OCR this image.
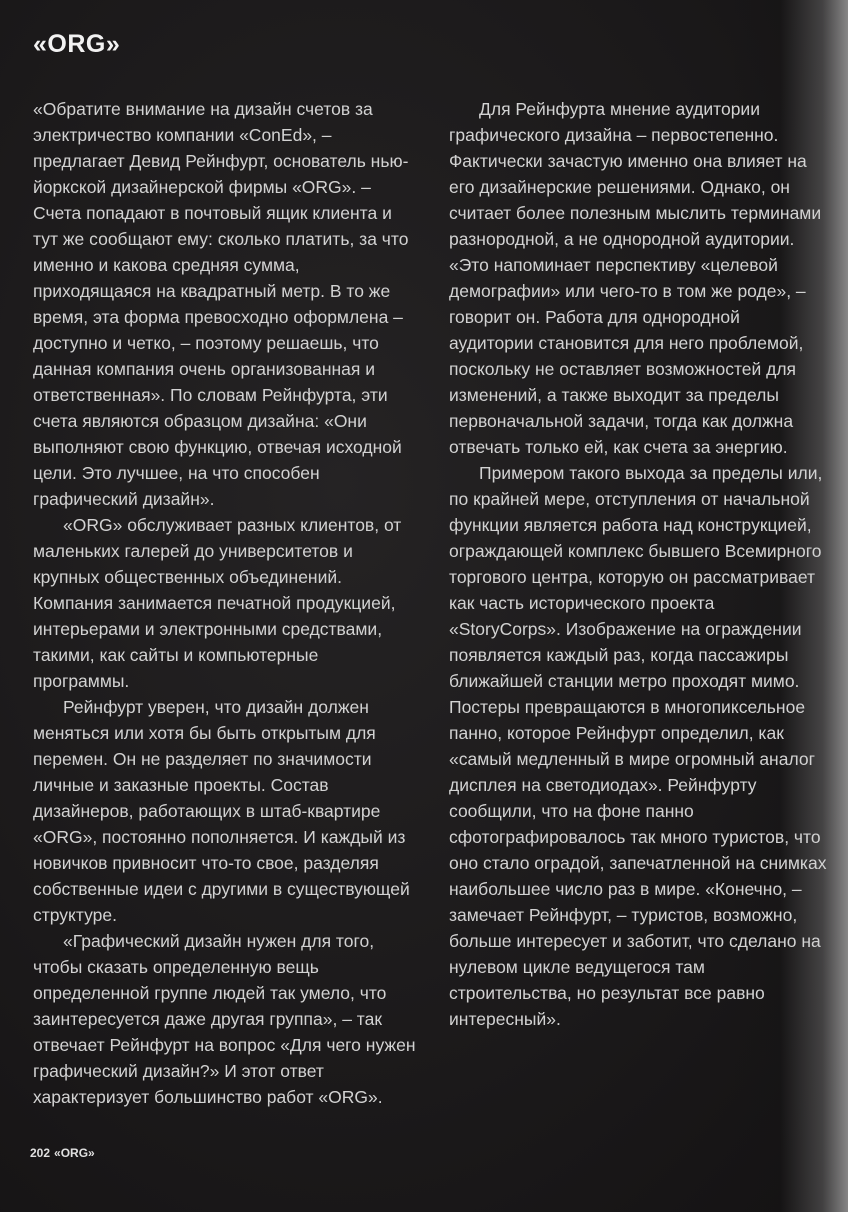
«ORG»

«Обратите внимание на дизайн счетов за электричество компании «ConEd», – предлагает Девид Рейнфурт, основатель нью-йоркской дизайнерской фирмы «ORG». – Счета попадают в почтовый ящик клиента и тут же сообщают ему: сколько платить, за что именно и какова средняя сумма, приходящаяся на квадратный метр. В то же время, эта форма превосходно оформлена – доступно и четко, – поэтому решаешь, что данная компания очень организованная и ответственная». По словам Рейнфурта, эти счета являются образцом дизайна: «Они выполняют свою функцию, отвечая исходной цели. Это лучшее, на что способен графический дизайн».

«ORG» обслуживает разных клиентов, от маленьких галерей до университетов и крупных общественных объединений. Компания занимается печатной продукцией, интерьерами и электронными средствами, такими, как сайты и компьютерные программы.

Рейнфурт уверен, что дизайн должен меняться или хотя бы быть открытым для перемен. Он не разделяет по значимости личные и заказные проекты. Состав дизайнеров, работающих в штаб-квартире «ORG», постоянно пополняется. И каждый из новичков привносит что-то свое, разделяя собственные идеи с другими в существующей структуре.

«Графический дизайн нужен для того, чтобы сказать определенную вещь определенной группе людей так умело, что заинтересуется даже другая группа», – так отвечает Рейнфурт на вопрос «Для чего нужен графический дизайн?» И этот ответ характеризует большинство работ «ORG».

Для Рейнфурта мнение аудитории графического дизайна – первостепенно. Фактически зачастую именно она влияет на его дизайнерские решениями. Однако, он считает более полезным мыслить терминами разнородной, а не однородной аудитории. «Это напоминает перспективу «целевой демографии» или чего-то в том же роде», – говорит он. Работа для однородной аудитории становится для него проблемой, поскольку не оставляет возможностей для изменений, а также выходит за пределы первоначальной задачи, тогда как должна отвечать только ей, как счета за энергию.

Примером такого выхода за пределы или, по крайней мере, отступления от начальной функции является работа над конструкцией, ограждающей комплекс бывшего Всемирного торгового центра, которую он рассматривает как часть исторического проекта «StoryCorps». Изображение на ограждении появляется каждый раз, когда пассажиры ближайшей станции метро проходят мимо. Постеры превращаются в многопиксельное панно, которое Рейнфурт определил, как «самый медленный в мире огромный аналог дисплея на светодиодах». Рейнфурту сообщили, что на фоне панно сфотографировалось так много туристов, что оно стало оградой, запечатленной на снимках наибольшее число раз в мире. «Конечно, – замечает Рейнфурт, – туристов, возможно, больше интересует и заботит, что сделано на нулевом цикле ведущегося там строительства, но результат все равно интересный».

202 «ORG»
